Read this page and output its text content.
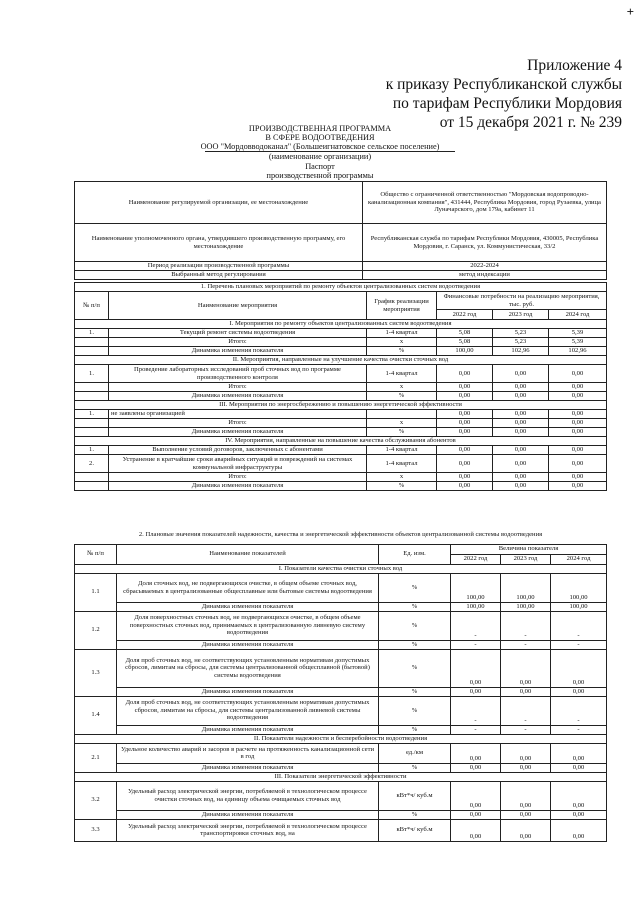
+
Приложение 4
к приказу Республиканской службы
по тарифам Республики Мордовия
от 15 декабря 2021 г. № 239
ПРОИЗВОДСТВЕННАЯ ПРОГРАММА
В СФЕРЕ ВОДООТВЕДЕНИЯ
ООО "Мордовводоканал" (Большеигнатовское сельское поселение)
(наименование организации)
Паспорт
производственной программы
Наименование регулируемой организации, ее местонахождение	Общество с ограниченной ответственностью "Мордовская водопроводно-канализационная компания", 431444, Республика Мордовия, город Рузаевка, улица Луначарского, дом 179а, кабинет 11
Наименование уполномоченного органа, утвердившего производственную программу, его местонахождение	Республиканская служба по тарифам Республики Мордовия, 430005, Республика Мордовия, г. Саранск, ул. Коммунистическая, 33/2
Период реализации производственной программы	2022-2024
Выбранный метод регулирования	метод индексации
1. Перечень плановых мероприятий по ремонту объектов централизованных систем водоотведения					
№ п/п	Наименование мероприятия	График реализации мероприятия	Финансовые потребности на реализацию мероприятия, тыс. руб.		
			2022 год	2023 год	2024 год
I. Мероприятия по ремонту объектов централизованных систем водоотведения					
1.	Текущий ремонт системы водоотведения	1-4 квартал	5,08	5,23	5,39
	Итого:	x	5,08	5,23	5,39
	Динамика изменения показателя	%	100,00	102,96	102,96
II. Мероприятия, направленные на улучшение качества очистки сточных вод					
1.	Проведение лабораторных исследований проб сточных вод по программе производственного контроля	1-4 квартал	0,00	0,00	0,00
	Итого:	x	0,00	0,00	0,00
	Динамика изменения показателя	%	0,00	0,00	0,00
III. Мероприятия по энергосбережению и повышению энергетической эффективности					
1.	не заявлены организацией		0,00	0,00	0,00
	Итого:	x	0,00	0,00	0,00
	Динамика изменения показателя	%	0,00	0,00	0,00
IV. Мероприятия, направленные на повышение качества обслуживания абонентов					
1.	Выполнение условий договоров, заключенных с абонентами	1-4 квартал	0,00	0,00	0,00
2.	Устранение в кратчайшие сроки аварийных ситуаций и повреждений на системах коммунальной инфраструктуры	1-4 квартал	0,00	0,00	0,00
	Итого:	x	0,00	0,00	0,00
	Динамика изменения показателя	%	0,00	0,00	0,00
2. Плановые значения показателей надежности, качества и энергетической эффективности объектов централизованной системы водоотведения					
№ п/п	Наименование показателей	Ед. изм.	Величина показателя		
			2022 год	2023 год	2024 год
I. Показатели качества очистки сточных вод					
1.1	Доля сточных вод, не подвергающихся очистке, в общем объеме сточных вод, сбрасываемых в централизованные общесплавные или бытовые системы водоотведения	%	100,00	100,00	100,00
	Динамика изменения показателя	%	100,00	100,00	100,00
1.2	Доля поверхностных сточных вод, не подвергающихся очистке, в общем объеме поверхностных сточных вод, принимаемых в централизованную ливневую систему водоотведения	%	-	-	-
	Динамика изменения показателя	%	-	-	-
1.3	Доля проб сточных вод, не соответствующих установленным нормативам допустимых сбросов, лимитам на сбросы, для системы централизованной общесплавной (бытовой) системы водоотведения	%	0,00	0,00	0,00
	Динамика изменения показателя	%	0,00	0,00	0,00
1.4	Доля проб сточных вод, не соответствующих установленным нормативам допустимых сбросов, лимитам на сбросы, для системы централизованной ливневой системы водоотведения	%	-	-	-
	Динамика изменения показателя	%	-	-	-
II. Показатели надежности и бесперебойности водоотведения					
2.1	Удельное количество аварий и засоров в расчете на протяженность канализационной сети в год	ед./км	0,00	0,00	0,00
	Динамика изменения показателя	%	0,00	0,00	0,00
III. Показатели энергетической эффективности					
3.2	Удельный расход электрической энергии, потребляемой в технологическом процессе очистки сточных вод, на единицу объема очищаемых сточных вод	кВт*ч/ куб.м	0,00	0,00	0,00
	Динамика изменения показателя	%	0,00	0,00	0,00
3.3	Удельный расход электрической энергии, потребляемой в технологическом процессе транспортировки сточных вод, на	кВт*ч/ куб.м	0,00	0,00	0,00
